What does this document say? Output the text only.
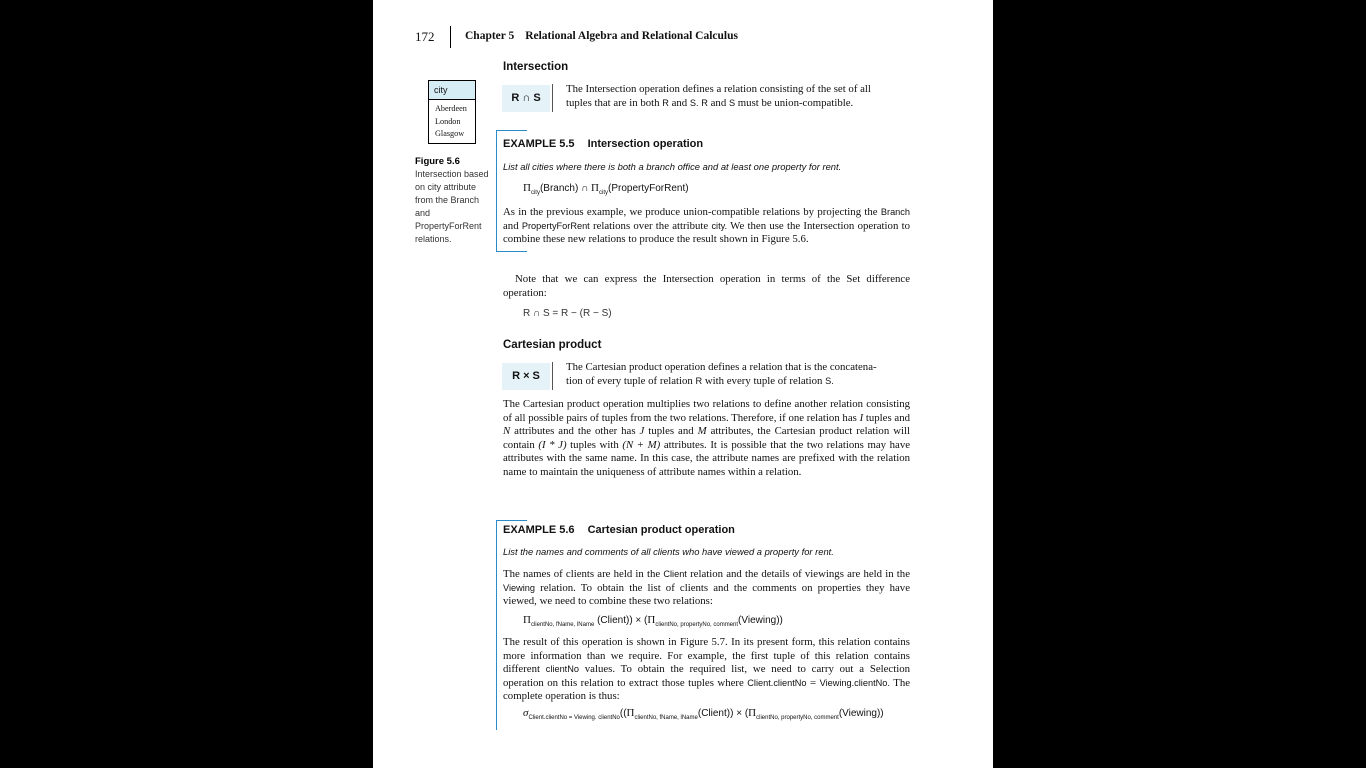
172	Chapter 5 Relational Algebra and Relational Calculus
city
Aberdeen
London
Glasgow
Figure 5.6
Intersection based on city attribute from the Branch and PropertyForRent relations.
Intersection
R ∩ S
The Intersection operation defines a relation consisting of the set of all
tuples that are in both R and S. R and S must be union-compatible.
EXAMPLE 5.5 Intersection operation
List all cities where there is both a branch office and at least one property for rent.
$\Pi_{city}(Branch)$ ∩ $\Pi_{city}(PropertyForRent)$
As in the previous example, we produce union-compatible relations by projecting the Branch and PropertyForRent relations over the attribute city. We then use the Intersection operation to combine these new relations to produce the result shown in Figure 5.6.
Note that we can express the Intersection operation in terms of the Set difference operation:
R ∩ S = R − (R − S)
Cartesian product
R × S
The Cartesian product operation defines a relation that is the concatena-
tion of every tuple of relation R with every tuple of relation S.
The Cartesian product operation multiplies two relations to define another relation consisting of all possible pairs of tuples from the two relations. Therefore, if one relation has I tuples and N attributes and the other has J tuples and M attributes, the Cartesian product relation will contain (I * J) tuples with (N + M) attributes. It is possible that the two relations may have attributes with the same name. In this case, the attribute names are prefixed with the relation name to maintain the uniqueness of attribute names within a relation.
EXAMPLE 5.6 Cartesian product operation
List the names and comments of all clients who have viewed a property for rent.
The names of clients are held in the Client relation and the details of viewings are held in the Viewing relation. To obtain the list of clients and the comments on properties they have viewed, we need to combine these two relations:
$\Pi_{clientNo, fName, lName}$ (Client)) × $(\Pi_{clientNo, propertyNo, comment}(Viewing))$
The result of this operation is shown in Figure 5.7. In its present form, this relation contains more information than we require. For example, the first tuple of this relation contains different clientNo values. To obtain the required list, we need to carry out a Selection operation on this relation to extract those tuples where Client.clientNo = Viewing.clientNo. The complete operation is thus:
$\sigma_{Client.clientNo = Viewing. clientNo}((\Pi_{clientNo, fName, lName}(Client))$ × $(\Pi_{clientNo, propertyNo, comment}(Viewing))$
